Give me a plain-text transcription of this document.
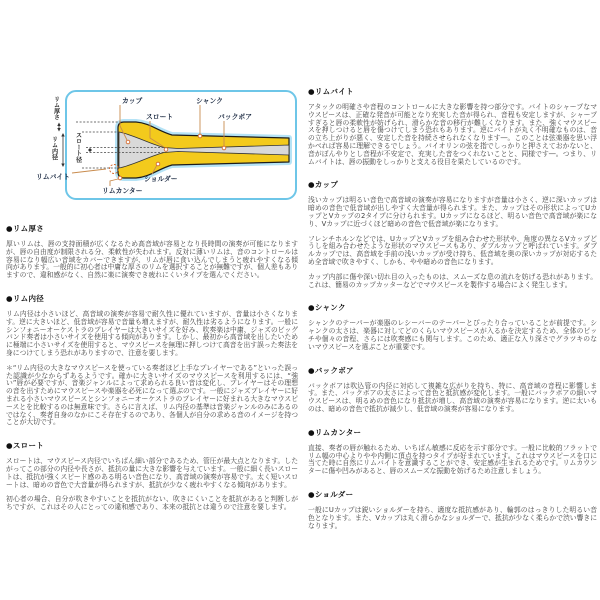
カップ
スロート
シャンク
バックボア
ショルダー
リムカンター
リムバイト
リム厚さ
リム内径	スロート径
●リム厚さ

厚いリムは、唇の支持面積が広くなるため高音域が容易となり長時間の演奏が可能になりますが、唇の自由度が制限される分、柔軟性が失われます。反対に薄いリムは、音のコントロールは容易になり幅広い音域をカバーできますが、リムが唇に食い込んでしまうと疲れやすくなる傾向があります。一般的に初心者は中庸な厚さのリムを選択することが無難ですが、個人差もありますので、違和感がなく、自然に楽に演奏でき疲れにくいタイプを選んでください。

●リム内径

リム内径は小さいほど、高音域の演奏が容易で耐久性に優れていますが、音量は小さくなります。逆に大きいほど、低音域が容易で音量も増えますが、耐久性は劣るようになります。一般にシンフォニーオーケストラのプレイヤーは大きいサイズを好み、吹奏楽は中庸、ジャズのビッグバンド奏者は小さいサイズを使用する傾向があります。しかし、最初から高音域を出したいために極端に小さいサイズを使用すると、マウスピースを無理に押しつけて高音を出す誤った奏法を身につけてしまう恐れがありますので、注意を要します。

＊“リム内径の大きなマウスピースを使っている奏者ほど上手なプレイヤーである”といった誤った認識が少なからずあるようです。確かに大きいサイズのマウスピースを利用するには、“強い”唇が必要ですが、音楽ジャンルによって求められる良い音は変化し、プレイヤーはその理想の音を出すためにマウスピースや楽器を必死になって選ぶのです。一般にジャズプレイヤーに好まれる小さいマウスピースとシンフォニーオーケストラのプレイヤーに好まれる大きなマウスピースとを比較するのは無意味です。さらに言えば、リム内径の基準は音楽ジャンルのみにあるのではなく、奏者自身のなかにこそ存在するのであり、各個人が自分の求める音のイメージを持つことが大切です。

●スロート

スロートは、マウスピース内径でいちばん細い部分であるため、管圧が最大点となります。したがってこの部分の内径や長さが、抵抗の量に大きな影響を与えています。一般に細く長いスロートは、抵抗が強くスピード感のある明るい音色になり、高音域の演奏が容易です。太く短いスロートは、暗めの音色で大音量が得られますが、抵抗が少なく疲れやすくなる傾向があります。

初心者の場合、自分が吹きやすいことを抵抗がない、吹きにくいことを抵抗があると判断しがちですが、これはその人にとっての違和感であり、本来の抵抗とは違うので注意を要します。

●リムバイト

アタックの明確さや音程のコントロールに大きな影響を持つ部分です。バイトのシャープなマウスピースは、正確な発音が可能となり充実した音が得られ、音程も安定しますが、シャープすぎると唇の柔軟性が妨げられ、滑らかな音の移行が難しくなります。また、強くマウスピースを押しつけると唇を傷つけてしまう恐れもあります。逆にバイトが丸く不明確なものは、音の立ち上がりが悪く、安定した音を持続させられなくなります―。このことは弦楽器を思い浮かべれば容易に理解できるでしょう。バイオリンの弦を指でしっかりと押さえておかないと、音がぼんやりとし音程が不安定で、充実した音をつくれないことと、同様です―。つまり、リムバイトは、唇の振動をしっかりと支える役目を果たしているのです。

●カップ

浅いカップは明るい音色で高音域の演奏が容易になりますが音量は小さく、逆に深いカップは暗めの音色で低音域が出しやすく大音量が得られます。また、カップはその形状によってUカップとVカップの2タイプに分けられます。Uカップになるほど、明るい音色で高音域が楽になり、Vカップに近づくほど暗めの音色で低音域が楽になります。

フレンチホルンなどでは、UカップとVカップを組み合わせた形状や、角度の異なるVカップどうしを組み合わせたような形状のマウスピースもあり、ダブルカップと呼ばれています。ダブルカップでは、高音域を手前の浅いカップが受け持ち、低音域を奥の深いカップが対応するため全音域で吹きやすく、しかも、やや暗めの音色になります。

カップ内部に傷や深い切れ目の入ったものは、スムーズな息の流れを妨げる恐れがあります。これは、簡易のカップカッターなどでマウスピースを製作する場合によく発生します。

●シャンク

シャンクのテーパーが楽器のレシーバーのテーパーとぴったり合っていることが前提です。シャンクの太さは、楽器に対してどのくらいマウスピースが入るかを決定するため、全体のピッチや個々の音程、さらには吹奏感にも関与します。このため、適正な入り深さでグラツキのないマウスピースを選ぶことが重要です。

●バックボア

バックボアは吹込管の内径に対応して複雑な広がりを持ち、特に、高音域の音程に影響します。また、バックボアの太さによって音色と抵抗感が変化します。一般にバックボアの細いマウスピースは、明るめの音色になり抵抗が増し、高音域の演奏が容易になります。逆に太いものは、暗めの音色で抵抗が減少し、低音域の演奏が容易になります。

●リムカンター

直接、奏者の唇が触れるため、いちばん敏感に反応を示す部分です。一般に比較的フラットでリム幅の中心よりやや内側に頂点を持つタイプが好まれています。これはマウスピースを口に当てた時に自然にリムバイトを意識することができ、安定感が生まれるためです。リムカウンターに傷や凹みがあると、唇のスムーズな振動を妨げるため注意しましょう。

●ショルダー

一般にUカップは鋭いショルダーを持ち、適度な抵抗感があり、輪郭のはっきりした明るい音色となります。また、Vカップは丸く滑らかなショルダーで、抵抗が少なく柔らかで渋い響きになります。
